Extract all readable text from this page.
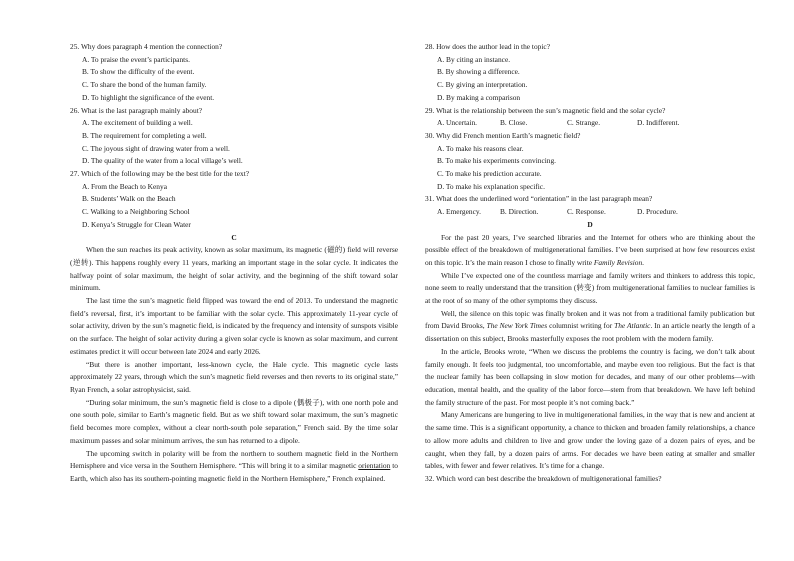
25. Why does paragraph 4 mention the connection?
A. To praise the event’s participants.
B. To show the difficulty of the event.
C. To share the bond of the human family.
D. To highlight the significance of the event.
26. What is the last paragraph mainly about?
A. The excitement of building a well.
B. The requirement for completing a well.
C. The joyous sight of drawing water from a well.
D. The quality of the water from a local village’s well.
27. Which of the following may be the best title for the text?
A. From the Beach to Kenya
B. Students’ Walk on the Beach
C. Walking to a Neighboring School
D. Kenya’s Struggle for Clean Water
C
When the sun reaches its peak activity, known as solar maximum, its magnetic (磁的) field will reverse (逆转). This happens roughly every 11 years, marking an important stage in the solar cycle. It indicates the halfway point of solar maximum, the height of solar activity, and the beginning of the shift toward solar minimum.
The last time the sun’s magnetic field flipped was toward the end of 2013. To understand the magnetic field’s reversal, first, it’s important to be familiar with the solar cycle. This approximately 11-year cycle of solar activity, driven by the sun’s magnetic field, is indicated by the frequency and intensity of sunspots visible on the surface. The height of solar activity during a given solar cycle is known as solar maximum, and current estimates predict it will occur between late 2024 and early 2026.
“But there is another important, less-known cycle, the Hale cycle. This magnetic cycle lasts approximately 22 years, through which the sun’s magnetic field reverses and then reverts to its original state,” Ryan French, a solar astrophysicist, said.
“During solar minimum, the sun’s magnetic field is close to a dipole (偶极子), with one north pole and one south pole, similar to Earth’s magnetic field. But as we shift toward solar maximum, the sun’s magnetic field becomes more complex, without a clear north-south pole separation,” French said. By the time solar maximum passes and solar minimum arrives, the sun has returned to a dipole.
The upcoming switch in polarity will be from the northern to southern magnetic field in the Northern Hemisphere and vice versa in the Southern Hemisphere. “This will bring it to a similar magnetic orientation to Earth, which also has its southern-pointing magnetic field in the Northern Hemisphere,” French explained.
28. How does the author lead in the topic?
A. By citing an instance.
B. By showing a difference.
C. By giving an interpretation.
D. By making a comparison
29. What is the relationship between the sun’s magnetic field and the solar cycle?
A. Uncertain.	B. Close.	C. Strange.	D. Indifferent.
30. Why did French mention Earth’s magnetic field?
A. To make his reasons clear.
B. To make his experiments convincing.
C. To make his prediction accurate.
D. To make his explanation specific.
31. What does the underlined word “orientation” in the last paragraph mean?
A. Emergency.	B. Direction.	C. Response.	D. Procedure.
D
For the past 20 years, I’ve searched libraries and the Internet for others who are thinking about the possible effect of the breakdown of multigenerational families. I’ve been surprised at how few resources exist on this topic. It’s the main reason I chose to finally write Family Revision.
While I’ve expected one of the countless marriage and family writers and thinkers to address this topic, none seem to really understand that the transition (转变) from multigenerational families to nuclear families is at the root of so many of the other symptoms they discuss.
Well, the silence on this topic was finally broken and it was not from a traditional family publication but from David Brooks, The New York Times columnist writing for The Atlantic. In an article nearly the length of a dissertation on this subject, Brooks masterfully exposes the root problem with the modern family.
In the article, Brooks wrote, “When we discuss the problems the country is facing, we don’t talk about family enough. It feels too judgmental, too uncomfortable, and maybe even too religious. But the fact is that the nuclear family has been collapsing in slow motion for decades, and many of our other problems—with education, mental health, and the quality of the labor force—stem from that breakdown. We have left behind the family structure of the past. For most people it’s not coming back.”
Many Americans are hungering to live in multigenerational families, in the way that is new and ancient at the same time. This is a significant opportunity, a chance to thicken and broaden family relationships, a chance to allow more adults and children to live and grow under the loving gaze of a dozen pairs of eyes, and be caught, when they fall, by a dozen pairs of arms. For decades we have been eating at smaller and smaller tables, with fewer and fewer relatives. It’s time for a change.
32. Which word can best describe the breakdown of multigenerational families?
